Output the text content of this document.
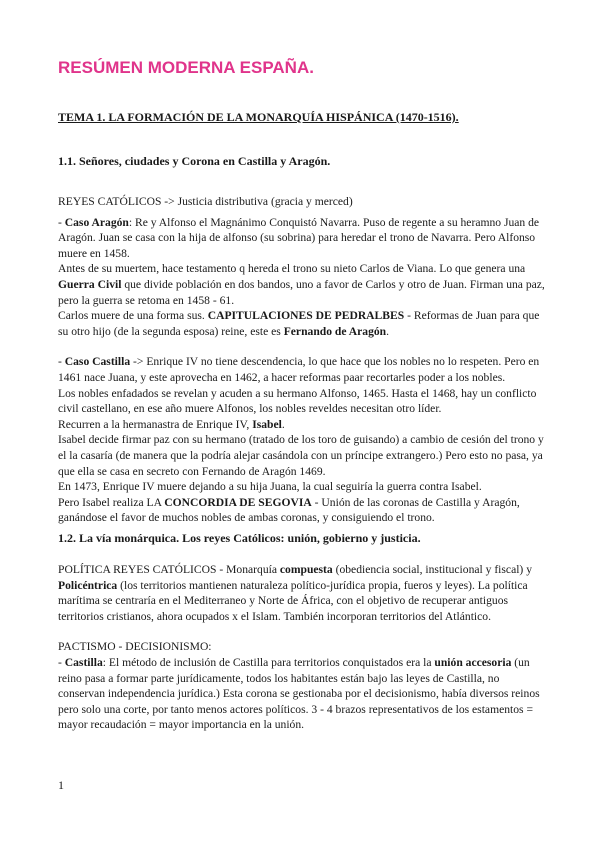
RESÚMEN MODERNA ESPAÑA.
TEMA 1. LA FORMACIÓN DE LA MONARQUÍA HISPÁNICA (1470-1516).
1.1. Señores, ciudades y Corona en Castilla y Aragón.

REYES CATÓLICOS -> Justicia distributiva (gracia y merced)

- Caso Aragón: Re y Alfonso el Magnánimo Conquistó Navarra. Puso de regente a su heramno Juan de Aragón. Juan se casa con la hija de alfonso (su sobrina) para heredar el trono de Navarra. Pero Alfonso muere en 1458.

Antes de su muertem, hace testamento q hereda el trono su nieto Carlos de Viana. Lo que genera una Guerra Civil que divide población en dos bandos, uno a favor de Carlos y otro de Juan. Firman una paz, pero la guerra se retoma en 1458 - 61.

Carlos muere de una forma sus. CAPITULACIONES DE PEDRALBES - Reformas de Juan para que su otro hijo (de la segunda esposa) reine, este es Fernando de Aragón.

- Caso Castilla -> Enrique IV no tiene descendencia, lo que hace que los nobles no lo respeten. Pero en 1461 nace Juana, y este aprovecha en 1462, a hacer reformas paar recortarles poder a los nobles.

Los nobles enfadados se revelan y acuden a su hermano Alfonso, 1465. Hasta el 1468, hay un conflicto civil castellano, en ese año muere Alfonos, los nobles reveldes necesitan otro líder.

Recurren a la hermanastra de Enrique IV, Isabel.

Isabel decide firmar paz con su hermano (tratado de los toro de guisando) a cambio de cesión del trono y el la casaría (de manera que la podría alejar casándola con un príncipe extrangero.) Pero esto no pasa, ya que ella se casa en secreto con Fernando de Aragón 1469.

En 1473, Enrique IV muere dejando a su hija Juana, la cual seguiría la guerra contra Isabel.

Pero Isabel realiza LA CONCORDIA DE SEGOVIA - Unión de las coronas de Castilla y Aragón, ganándose el favor de muchos nobles de ambas coronas, y consiguiendo el trono.

1.2. La vía monárquica. Los reyes Católicos: unión, gobierno y justicia.

POLÍTICA REYES CATÓLICOS - Monarquía compuesta (obediencia social, institucional y fiscal) y Policéntrica (los territorios mantienen naturaleza político-jurídica propia, fueros y leyes). La política marítima se centraría en el Mediterraneo y Norte de África, con el objetivo de recuperar antiguos territorios cristianos, ahora ocupados x el Islam. También incorporan territorios del Atlántico.

PACTISMO - DECISIONISMO:

- Castilla: El método de inclusión de Castilla para territorios conquistados era la unión accesoria (un reino pasa a formar parte jurídicamente, todos los habitantes están bajo las leyes de Castilla, no conservan independencia jurídica.) Esta corona se gestionaba por el decisionismo, había diversos reinos pero solo una corte, por tanto menos actores políticos. 3 - 4 brazos representativos de los estamentos = mayor recaudación = mayor importancia en la unión.

1
